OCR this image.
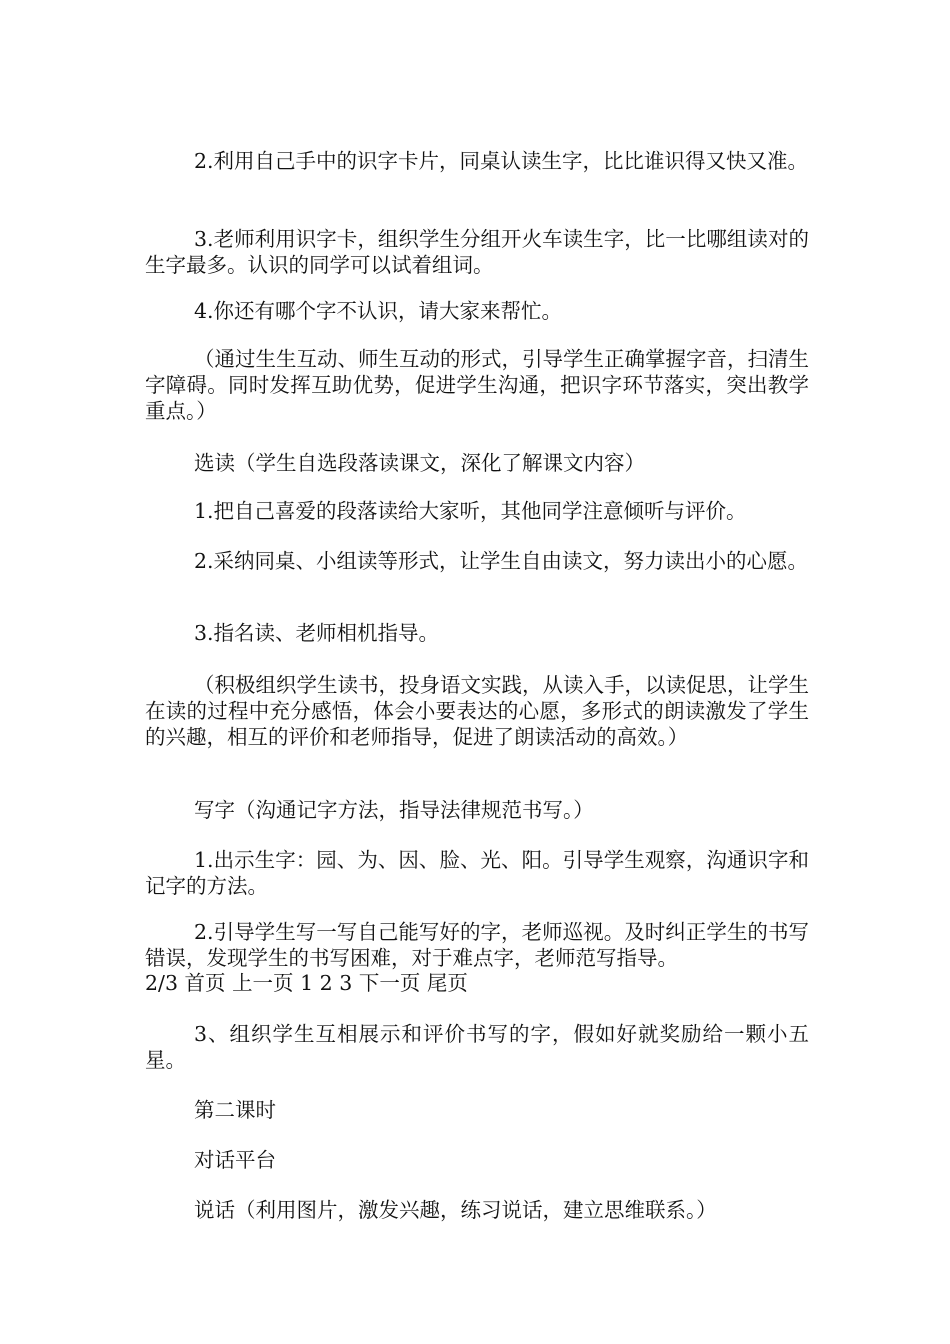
2.利用自己手中的识字卡片，同桌认读生字，比比谁识得又快又准。

3.老师利用识字卡，组织学生分组开火车读生字，比一比哪组读对的生字最多。认识的同学可以试着组词。

4.你还有哪个字不认识，请大家来帮忙。

（通过生生互动、师生互动的形式，引导学生正确掌握字音，扫清生字障碍。同时发挥互助优势，促进学生沟通，把识字环节落实，突出教学重点。）

选读（学生自选段落读课文，深化了解课文内容）

1.把自己喜爱的段落读给大家听，其他同学注意倾听与评价。

2.采纳同桌、小组读等形式，让学生自由读文，努力读出小的心愿。

3.指名读、老师相机指导。

（积极组织学生读书，投身语文实践，从读入手，以读促思，让学生在读的过程中充分感悟，体会小要表达的心愿，多形式的朗读激发了学生的兴趣，相互的评价和老师指导，促进了朗读活动的高效。）

写字（沟通记字方法，指导法律规范书写。）

1.出示生字：园、为、因、脸、光、阳。引导学生观察，沟通识字和记字的方法。

2.引导学生写一写自己能写好的字，老师巡视。及时纠正学生的书写错误，发现学生的书写困难，对于难点字，老师范写指导。

2/3 首页 上一页 1 2 3 下一页 尾页

3、组织学生互相展示和评价书写的字，假如好就奖励给一颗小五星。

第二课时

对话平台

说话（利用图片，激发兴趣，练习说话，建立思维联系。）
